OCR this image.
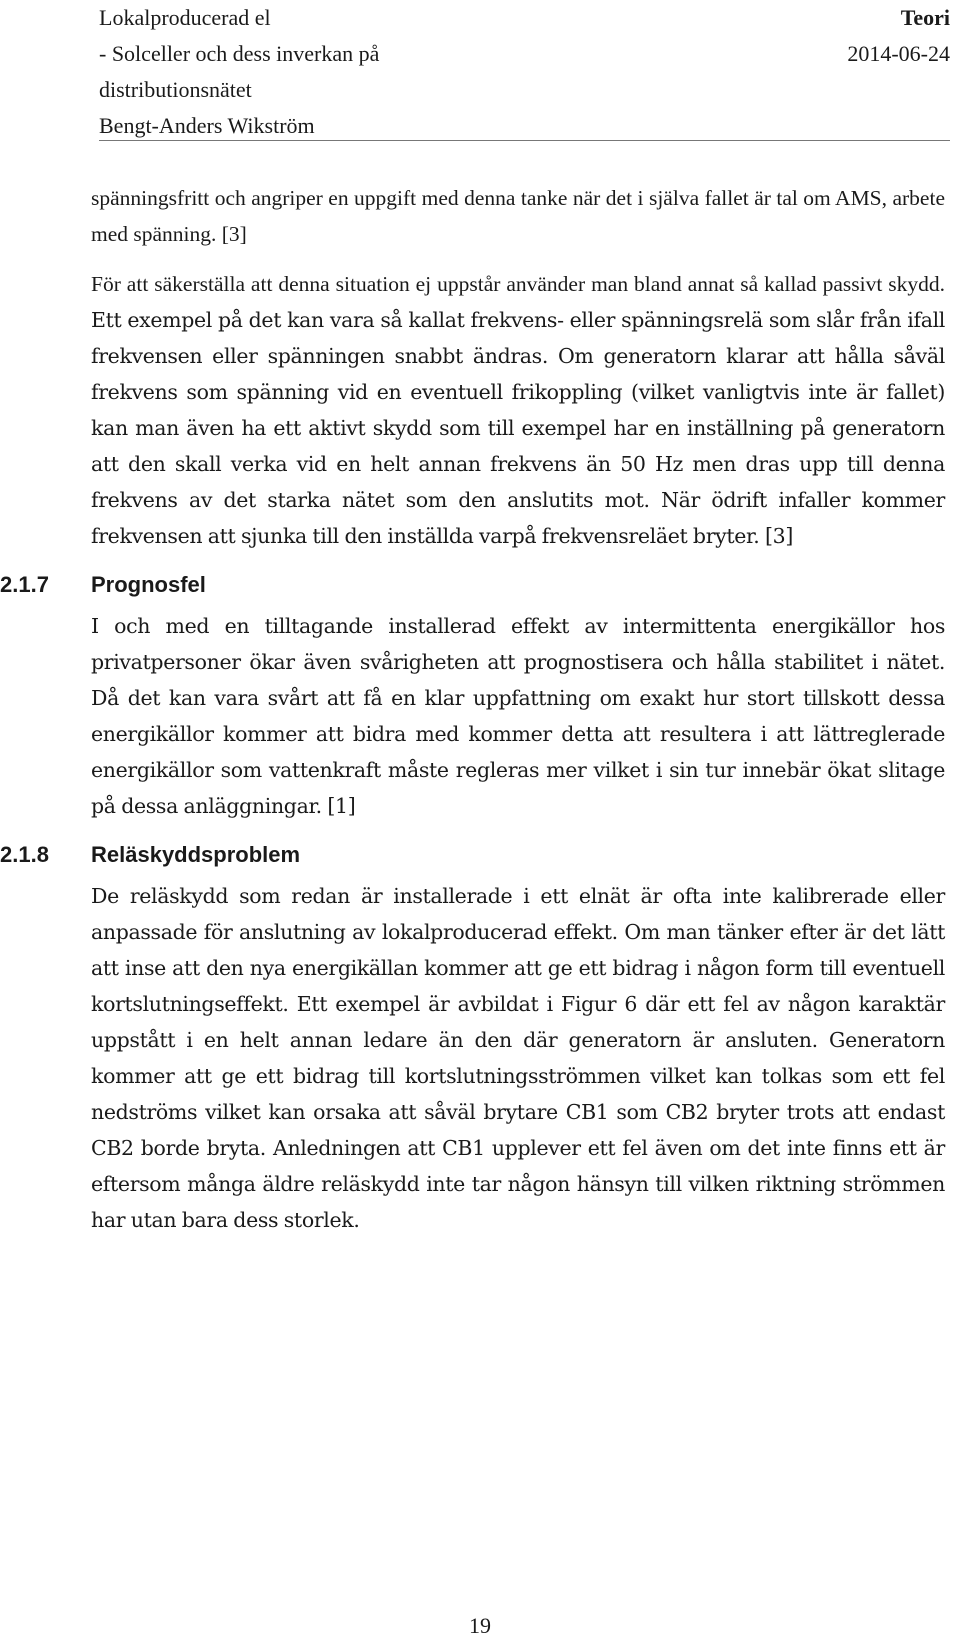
Lokalproducerad el
- Solceller och dess inverkan på
distributionsnätet
Bengt-Anders Wikström
Teori
2014-06-24

spänningsfritt och angriper en uppgift med denna tanke när det i själva fallet är tal om AMS, arbete med spänning. [3]

För att säkerställa att denna situation ej uppstår använder man bland annat så kallad passivt skydd. Ett exempel på det kan vara så kallat frekvens- eller spänningsrelä som slår från ifall frekvensen eller spänningen snabbt ändras. Om generatorn klarar att hålla såväl frekvens som spänning vid en eventuell frikoppling (vilket vanligtvis inte är fallet) kan man även ha ett aktivt skydd som till exempel har en inställning på generatorn att den skall verka vid en helt annan frekvens än 50 Hz men dras upp till denna frekvens av det starka nätet som den anslutits mot. När ödrift infaller kommer frekvensen att sjunka till den inställda varpå frekvensreläet bryter. [3]

2.1.7 Prognosfel

I och med en tilltagande installerad effekt av intermittenta energikällor hos privatpersoner ökar även svårigheten att prognostisera och hålla stabilitet i nätet. Då det kan vara svårt att få en klar uppfattning om exakt hur stort tillskott dessa energikällor kommer att bidra med kommer detta att resultera i att lättreglerade energikällor som vattenkraft måste regleras mer vilket i sin tur innebär ökat slitage på dessa anläggningar. [1]

2.1.8 Reläskyddsproblem

De reläskydd som redan är installerade i ett elnät är ofta inte kalibrerade eller anpassade för anslutning av lokalproducerad effekt. Om man tänker efter är det lätt att inse att den nya energikällan kommer att ge ett bidrag i någon form till eventuell kortslutningseffekt. Ett exempel är avbildat i Figur 6 där ett fel av någon karaktär uppstått i en helt annan ledare än den där generatorn är ansluten. Generatorn kommer att ge ett bidrag till kortslutningsströmmen vilket kan tolkas som ett fel nedströms vilket kan orsaka att såväl brytare CB1 som CB2 bryter trots att endast CB2 borde bryta. Anledningen att CB1 upplever ett fel även om det inte finns ett är eftersom många äldre reläskydd inte tar någon hänsyn till vilken riktning strömmen har utan bara dess storlek.

19
